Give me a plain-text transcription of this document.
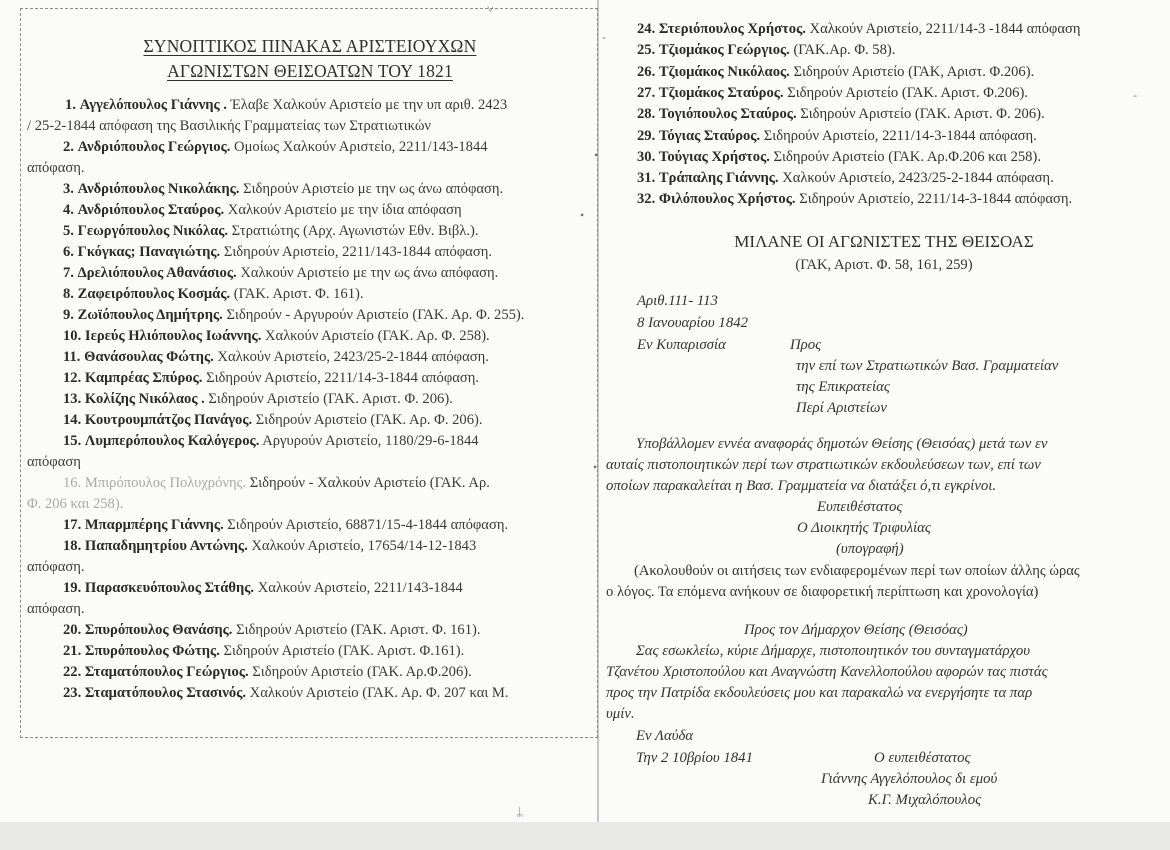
ΣΥΝΟΠΤΙΚΟΣ ΠΙΝΑΚΑΣ ΑΡΙΣΤΕΙΟΥΧΩΝ
ΑΓΩΝΙΣΤΩΝ ΘΕΙΣΟΑΤΩΝ ΤΟΥ 1821
1. Αγγελόπουλος Γιάννης . Έλαβε Χαλκούν Αριστείο με την υπ αριθ. 2423
/ 25-2-1844 απόφαση της Βασιλικής Γραμματείας των Στρατιωτικών
2. Ανδριόπουλος Γεώργιος. Ομοίως Χαλκούν Αριστείο, 2211/143-1844
απόφαση.
3. Ανδριόπουλος Νικολάκης. Σιδηρούν Αριστείο με την ως άνω απόφαση.
4. Ανδριόπουλος Σταύρος. Χαλκούν Αριστείο με την ίδια απόφαση
5. Γεωργόπουλος Νικόλας. Στρατιώτης (Αρχ. Αγωνιστών Εθν. Βιβλ.).
6. Γκόγκας; Παναγιώτης. Σιδηρούν Αριστείο, 2211/143-1844 απόφαση.
7. Δρελιόπουλος Αθανάσιος. Χαλκούν Αριστείο με την ως άνω απόφαση.
8. Ζαφειρόπουλος Κοσμάς. (ΓΑΚ. Αριστ. Φ. 161).
9. Ζωϊόπουλος Δημήτρης. Σιδηρούν - Αργυρούν Αριστείο (ΓΑΚ. Αρ. Φ. 255).
10. Ιερεύς Ηλιόπουλος Ιωάννης. Χαλκούν Αριστείο (ΓΑΚ. Αρ. Φ. 258).
11. Θανάσουλας Φώτης. Χαλκούν Αριστείο, 2423/25-2-1844 απόφαση.
12. Καμπρέας Σπύρος. Σιδηρούν Αριστείο, 2211/14-3-1844 απόφαση.
13. Κολίζης Νικόλαος . Σιδηρούν Αριστείο (ΓΑΚ. Αριστ. Φ. 206).
14. Κουτρουμπάτζος Πανάγος. Σιδηρούν Αριστείο (ΓΑΚ. Αρ. Φ. 206).
15. Λυμπερόπουλος Καλόγερος. Αργυρούν Αριστείο, 1180/29-6-1844
απόφαση
16. Μπιρόπουλος Πολυχρόνης. Σιδηρούν - Χαλκούν Αριστείο (ΓΑΚ. Αρ.
Φ. 206 και 258).
17. Μπαρμπέρης Γιάννης. Σιδηρούν Αριστείο, 68871/15-4-1844 απόφαση.
18. Παπαδημητρίου Αντώνης. Χαλκούν Αριστείο, 17654/14-12-1843
απόφαση.
19. Παρασκευόπουλος Στάθης. Χαλκούν Αριστείο, 2211/143-1844
απόφαση.
20. Σπυρόπουλος Θανάσης. Σιδηρούν Αριστείο (ΓΑΚ. Αριστ. Φ. 161).
21. Σπυρόπουλος Φώτης. Σιδηρούν Αριστείο (ΓΑΚ. Αριστ. Φ.161).
22. Σταματόπουλος Γεώργιος. Σιδηρούν Αριστείο (ΓΑΚ. Αρ.Φ.206).
23. Σταματόπουλος Στασινός. Χαλκούν Αριστείο (ΓΑΚ. Αρ. Φ. 207 και Μ.
24. Στεριόπουλος Χρήστος. Χαλκούν Αριστείο, 2211/14-3 -1844 απόφαση
25. Τζιομάκος Γεώργιος. (ΓΑΚ.Αρ. Φ. 58).
26. Τζιομάκος Νικόλαος. Σιδηρούν Αριστείο (ΓΑΚ, Αριστ. Φ.206).
27. Τζιομάκος Σταύρος. Σιδηρούν Αριστείο (ΓΑΚ. Αριστ. Φ.206).
28. Τογιόπουλος Σταύρος. Σιδηρούν Αριστείο (ΓΑΚ. Αριστ. Φ. 206).
29. Τόγιας Σταύρος. Σιδηρούν Αριστείο, 2211/14-3-1844 απόφαση.
30. Τούγιας Χρήστος. Σιδηρούν Αριστείο (ΓΑΚ. Αρ.Φ.206 και 258).
31. Τράπαλης Γιάννης. Χαλκούν Αριστείο, 2423/25-2-1844 απόφαση.
32. Φιλόπουλος Χρήστος. Σιδηρούν Αριστείο, 2211/14-3-1844 απόφαση.
ΜΙΛΑΝΕ ΟΙ ΑΓΩΝΙΣΤΕΣ ΤΗΣ ΘΕΙΣΟΑΣ
(ΓΑΚ, Αριστ. Φ. 58, 161, 259)
Αριθ.111- 113
8 Ιανουαρίου 1842
Εν Κυπαρισσία	Προς
την επί των Στρατιωτικών Βασ. Γραμματείαν
της Επικρατείας
Περί Αριστείων
Υποβάλλομεν εννέα αναφοράς δημοτών Θείσης (Θεισόας) μετά των εν
αυταίς πιστοποιητικών περί των στρατιωτικών εκδουλεύσεων των, επί των
οποίων παρακαλείται η Βασ. Γραμματεία να διατάξει ό,τι εγκρίνοι.
Ευπειθέστατος
Ο Διοικητής Τριφυλίας
(υπογραφή)
(Ακολουθούν οι αιτήσεις των ενδιαφερομένων περί των οποίων άλλης ώρας
ο λόγος. Τα επόμενα ανήκουν σε διαφορετική περίπτωση και χρονολογία)
Προς τον Δήμαρχον Θείσης (Θεισόας)
Σας εσωκλείω, κύριε Δήμαρχε, πιστοποιητικόν του συνταγματάρχου
Τζανέτου Χριστοπούλου και Αναγνώστη Κανελλοπούλου αφορών τας πιστάς
προς την Πατρίδα εκδουλεύσεις μου και παρακαλώ να ενεργήσητε τα παρ
υμίν.
Εν Λαύδα
Την 2 10βρίου 1841	Ο ευπειθέστατος
Γιάννης Αγγελόπουλος δι εμού
Κ.Γ. Μιχαλόπουλος
˅
-
-
•
•
•
ᛦ
